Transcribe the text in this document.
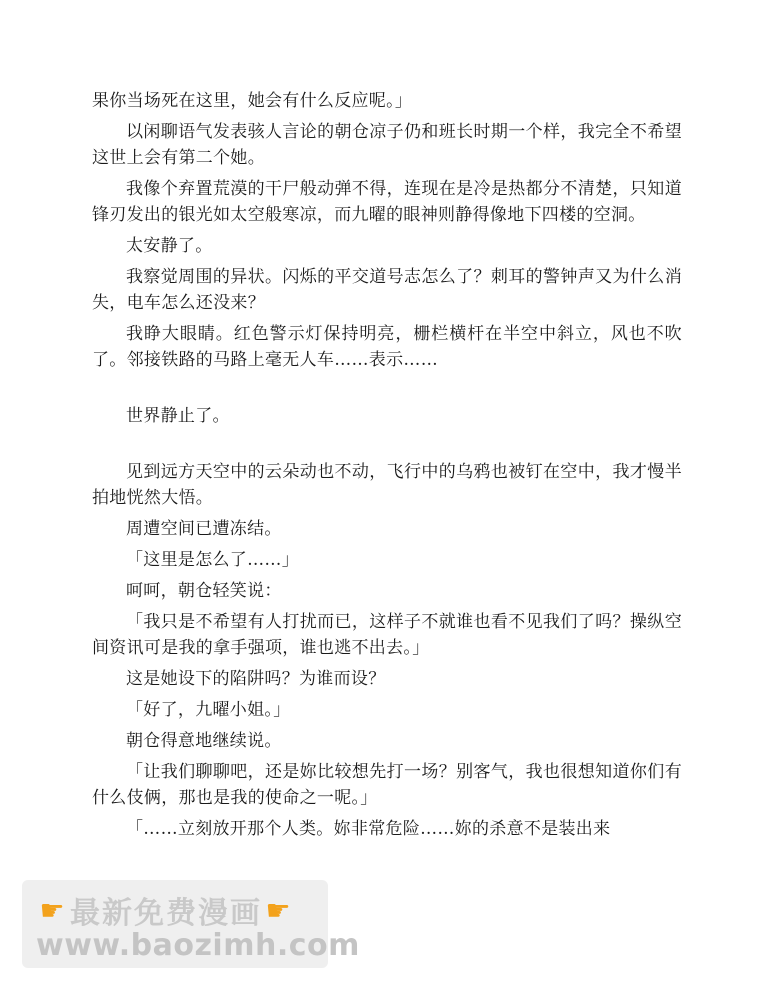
果你当场死在这里，她会有什么反应呢。」

以闲聊语气发表骇人言论的朝仓凉子仍和班长时期一个样，我完全不希望这世上会有第二个她。

我像个弃置荒漠的干尸般动弹不得，连现在是冷是热都分不清楚，只知道锋刃发出的银光如太空般寒凉，而九曜的眼神则静得像地下四楼的空洞。

太安静了。

我察觉周围的异状。闪烁的平交道号志怎么了？刺耳的警钟声又为什么消失，电车怎么还没来？

我睁大眼睛。红色警示灯保持明亮，栅栏横杆在半空中斜立，风也不吹了。邻接铁路的马路上毫无人车……表示……

世界静止了。

见到远方天空中的云朵动也不动，飞行中的乌鸦也被钉在空中，我才慢半拍地恍然大悟。

周遭空间已遭冻结。

「这里是怎么了……」

呵呵，朝仓轻笑说：

「我只是不希望有人打扰而已，这样子不就谁也看不见我们了吗？操纵空间资讯可是我的拿手强项，谁也逃不出去。」

这是她设下的陷阱吗？为谁而设？

「好了，九曜小姐。」

朝仓得意地继续说。

「让我们聊聊吧，还是妳比较想先打一场？别客气，我也很想知道你们有什么伎俩，那也是我的使命之一呢。」

「……立刻放开那个人类。妳非常危险……妳的杀意不是装出来

☛ 最新免费漫画 ☛
www.baozimh.com
